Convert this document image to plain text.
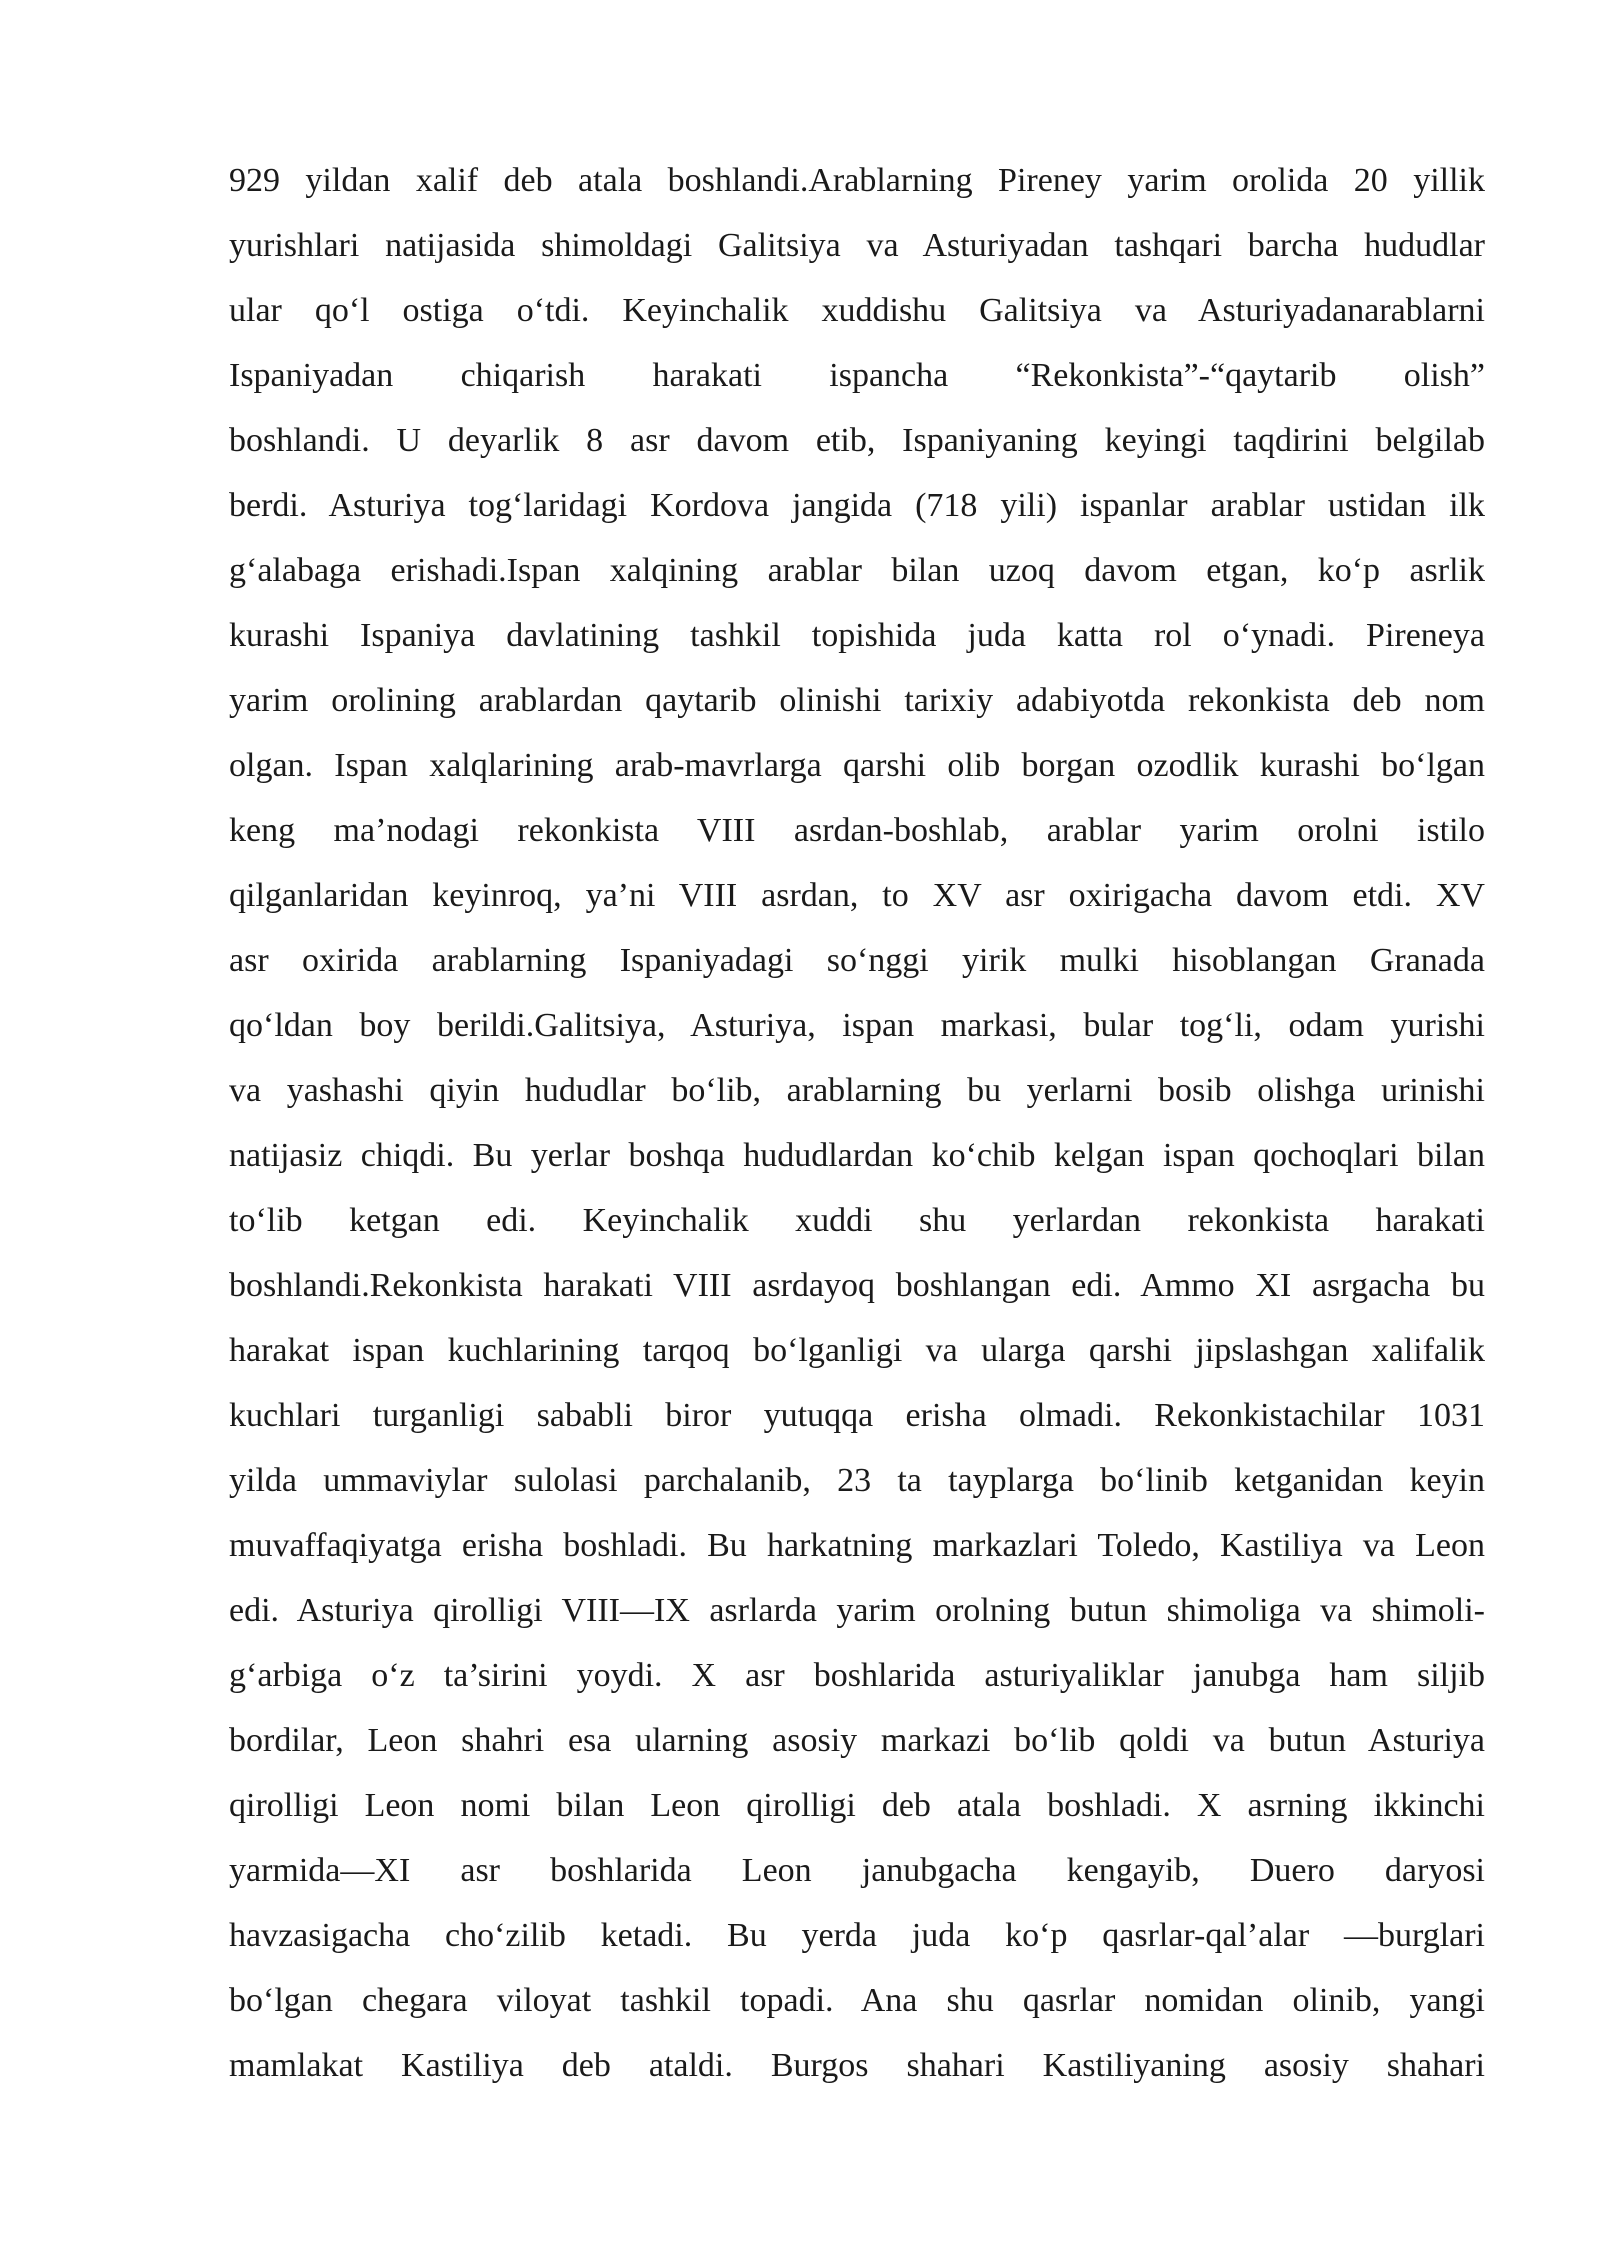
929 yildan xalif deb atala boshlandi.Arablarning Pireney yarim orolida 20 yillik
yurishlari natijasida shimoldagi Galitsiya va Asturiyadan tashqari barcha hududlar
ular qo‘l ostiga o‘tdi. Keyinchalik xuddishu Galitsiya va Asturiyadanarablarni
Ispaniyadan chiqarish harakati ispancha “Rekonkista”-“qaytarib olish”
boshlandi. U deyarlik 8 asr davom etib, Ispaniyaning keyingi taqdirini belgilab
berdi. Asturiya tog‘laridagi Kordova jangida (718 yili) ispanlar arablar ustidan ilk
g‘alabaga erishadi.Ispan xalqining arablar bilan uzoq davom etgan, ko‘p asrlik
kurashi Ispaniya davlatining tashkil topishida juda katta rol o‘ynadi. Pireneya
yarim orolining arablardan qaytarib olinishi tarixiy adabiyotda rekonkista deb nom
olgan. Ispan xalqlarining arab-mavrlarga qarshi olib borgan ozodlik kurashi bo‘lgan
keng ma’nodagi rekonkista VIII asrdan-boshlab, arablar yarim orolni istilo
qilganlaridan keyinroq, ya’ni VIII asrdan, to XV asr oxirigacha davom etdi. XV
asr oxirida arablarning Ispaniyadagi so‘nggi yirik mulki hisoblangan Granada
qo‘ldan boy berildi.Galitsiya, Asturiya, ispan markasi, bular tog‘li, odam yurishi
va yashashi qiyin hududlar bo‘lib, arablarning bu yerlarni bosib olishga urinishi
natijasiz chiqdi. Bu yerlar boshqa hududlardan ko‘chib kelgan ispan qochoqlari bilan
to‘lib ketgan edi. Keyinchalik xuddi shu yerlardan rekonkista harakati
boshlandi.Rekonkista harakati VIII asrdayoq boshlangan edi. Ammo XI asrgacha bu
harakat ispan kuchlarining tarqoq bo‘lganligi va ularga qarshi jipslashgan xalifalik
kuchlari turganligi sababli biror yutuqqa erisha olmadi. Rekonkistachilar 1031
yilda ummaviylar sulolasi parchalanib, 23 ta tayplarga bo‘linib ketganidan keyin
muvaffaqiyatga erisha boshladi. Bu harkatning markazlari Toledo, Kastiliya va Leon
edi. Asturiya qirolligi VIII—IX asrlarda yarim orolning butun shimoliga va shimoli-
g‘arbiga o‘z ta’sirini yoydi. X asr boshlarida asturiyaliklar janubga ham siljib
bordilar, Leon shahri esa ularning asosiy markazi bo‘lib qoldi va butun Asturiya
qirolligi Leon nomi bilan Leon qirolligi deb atala boshladi. X asrning ikkinchi
yarmida—XI asr boshlarida Leon janubgacha kengayib, Duero daryosi
havzasigacha cho‘zilib ketadi. Bu yerda juda ko‘p qasrlar-qal’alar —burglari
bo‘lgan chegara viloyat tashkil topadi. Ana shu qasrlar nomidan olinib, yangi
mamlakat Kastiliya deb ataldi. Burgos shahari Kastiliyaning asosiy shahari
